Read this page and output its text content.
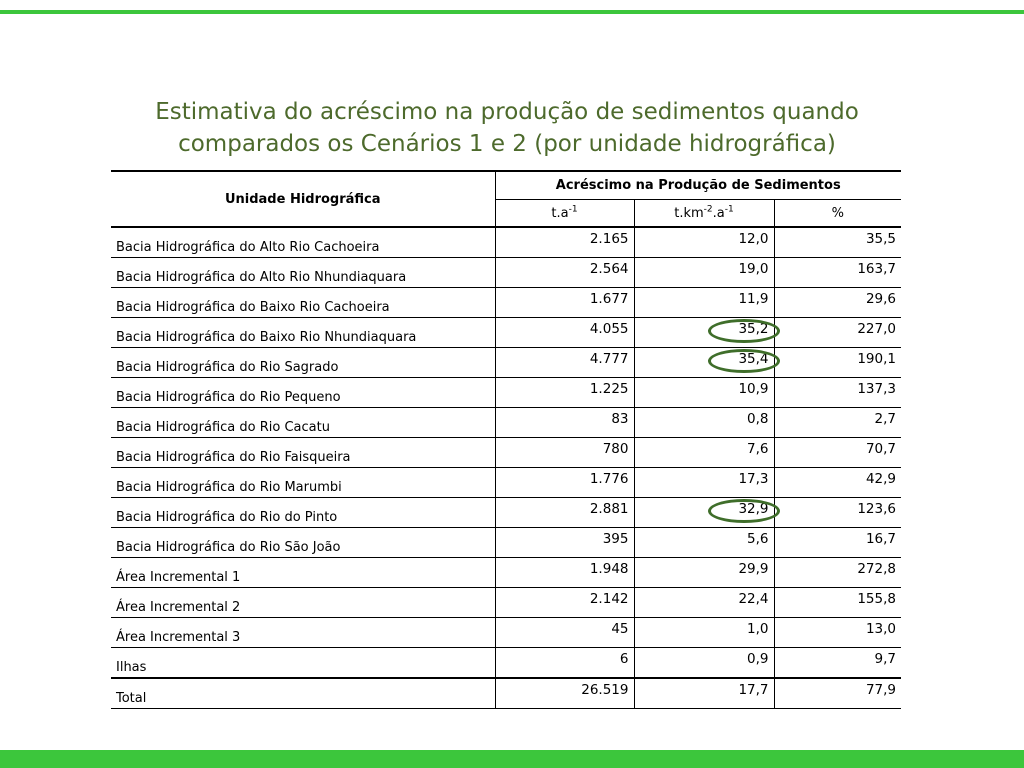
Estimativa do acréscimo na produção de sedimentos quando
comparados os Cenários 1 e 2 (por unidade hidrográfica)
Unidade Hidrográfica	Acréscimo na Produção de Sedimentos		
	$t.a^{-1}$	$t.km^{-2}.a^{-1}$	%
Bacia Hidrográfica do Alto Rio Cachoeira	2.165	12,0	35,5
Bacia Hidrográfica do Alto Rio Nhundiaquara	2.564	19,0	163,7
Bacia Hidrográfica do Baixo Rio Cachoeira	1.677	11,9	29,6
Bacia Hidrográfica do Baixo Rio Nhundiaquara	4.055	35,2	227,0
Bacia Hidrográfica do Rio Sagrado	4.777	35,4	190,1
Bacia Hidrográfica do Rio Pequeno	1.225	10,9	137,3
Bacia Hidrográfica do Rio Cacatu	83	0,8	2,7
Bacia Hidrográfica do Rio Faisqueira	780	7,6	70,7
Bacia Hidrográfica do Rio Marumbi	1.776	17,3	42,9
Bacia Hidrográfica do Rio do Pinto	2.881	32,9	123,6
Bacia Hidrográfica do Rio São João	395	5,6	16,7
Área Incremental 1	1.948	29,9	272,8
Área Incremental 2	2.142	22,4	155,8
Área Incremental 3	45	1,0	13,0
Ilhas	6	0,9	9,7
Total	26.519	17,7	77,9
